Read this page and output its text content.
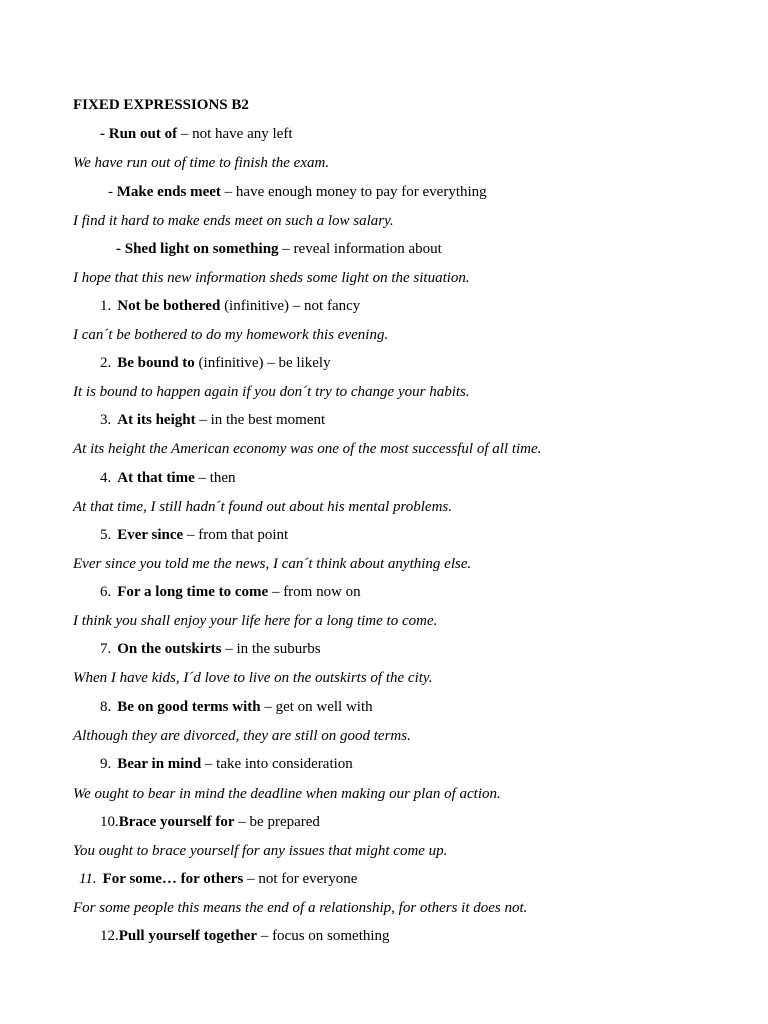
FIXED EXPRESSIONS B2
- Run out of – not have any left
We have run out of time to finish the exam.
- Make ends meet – have enough money to pay for everything
I find it hard to make ends meet on such a low salary.
- Shed light on something – reveal information about
I hope that this new information sheds some light on the situation.
1. Not be bothered (infinitive) – not fancy
I can´t be bothered to do my homework this evening.
2. Be bound to (infinitive) – be likely
It is bound to happen again if you don´t try to change your habits.
3. At its height – in the best moment
At its height the American economy was one of the most successful of all time.
4. At that time – then
At that time, I still hadn´t found out about his mental problems.
5. Ever since – from that point
Ever since you told me the news, I can´t think about anything else.
6. For a long time to come – from now on
I think you shall enjoy your life here for a long time to come.
7. On the outskirts – in the suburbs
When I have kids, I´d love to live on the outskirts of the city.
8. Be on good terms with – get on well with
Although they are divorced, they are still on good terms.
9. Bear in mind – take into consideration
We ought to bear in mind the deadline when making our plan of action.
10.Brace yourself for – be prepared
You ought to brace yourself for any issues that might come up.
11. For some… for others – not for everyone
For some people this means the end of a relationship, for others it does not.
12.Pull yourself together – focus on something
